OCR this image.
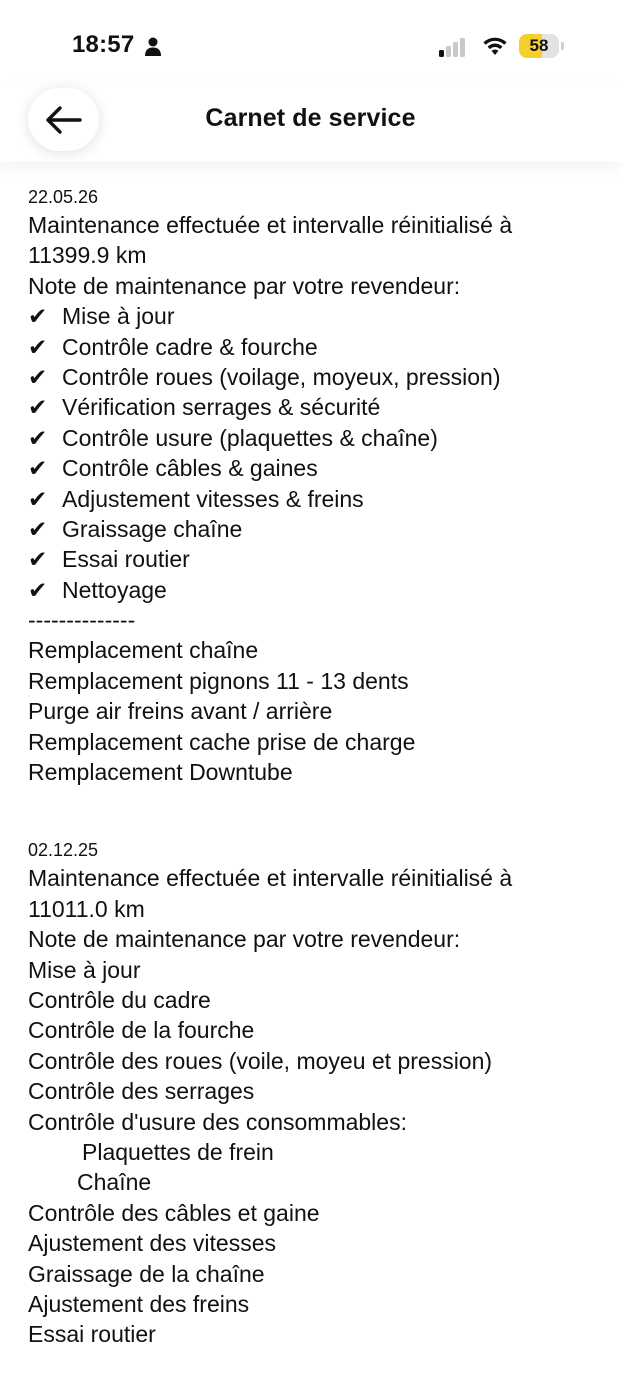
18:57	58
Carnet de service
22.05.26
Maintenance effectuée et intervalle réinitialisé à
11399.9 km
Note de maintenance par votre revendeur:
✔ Mise à jour
✔ Contrôle cadre & fourche
✔ Contrôle roues (voilage, moyeux, pression)
✔ Vérification serrages & sécurité
✔ Contrôle usure (plaquettes & chaîne)
✔ Contrôle câbles & gaines
✔ Adjustement vitesses & freins
✔ Graissage chaîne
✔ Essai routier
✔ Nettoyage
--------------
Remplacement chaîne
Remplacement pignons 11 - 13 dents
Purge air freins avant / arrière
Remplacement cache prise de charge
Remplacement Downtube
02.12.25
Maintenance effectuée et intervalle réinitialisé à
11011.0 km
Note de maintenance par votre revendeur:
Mise à jour
Contrôle du cadre
Contrôle de la fourche
Contrôle des roues (voile, moyeu et pression)
Contrôle des serrages
Contrôle d'usure des consommables:
Plaquettes de frein
Chaîne
Contrôle des câbles et gaine
Ajustement des vitesses
Graissage de la chaîne
Ajustement des freins
Essai routier
